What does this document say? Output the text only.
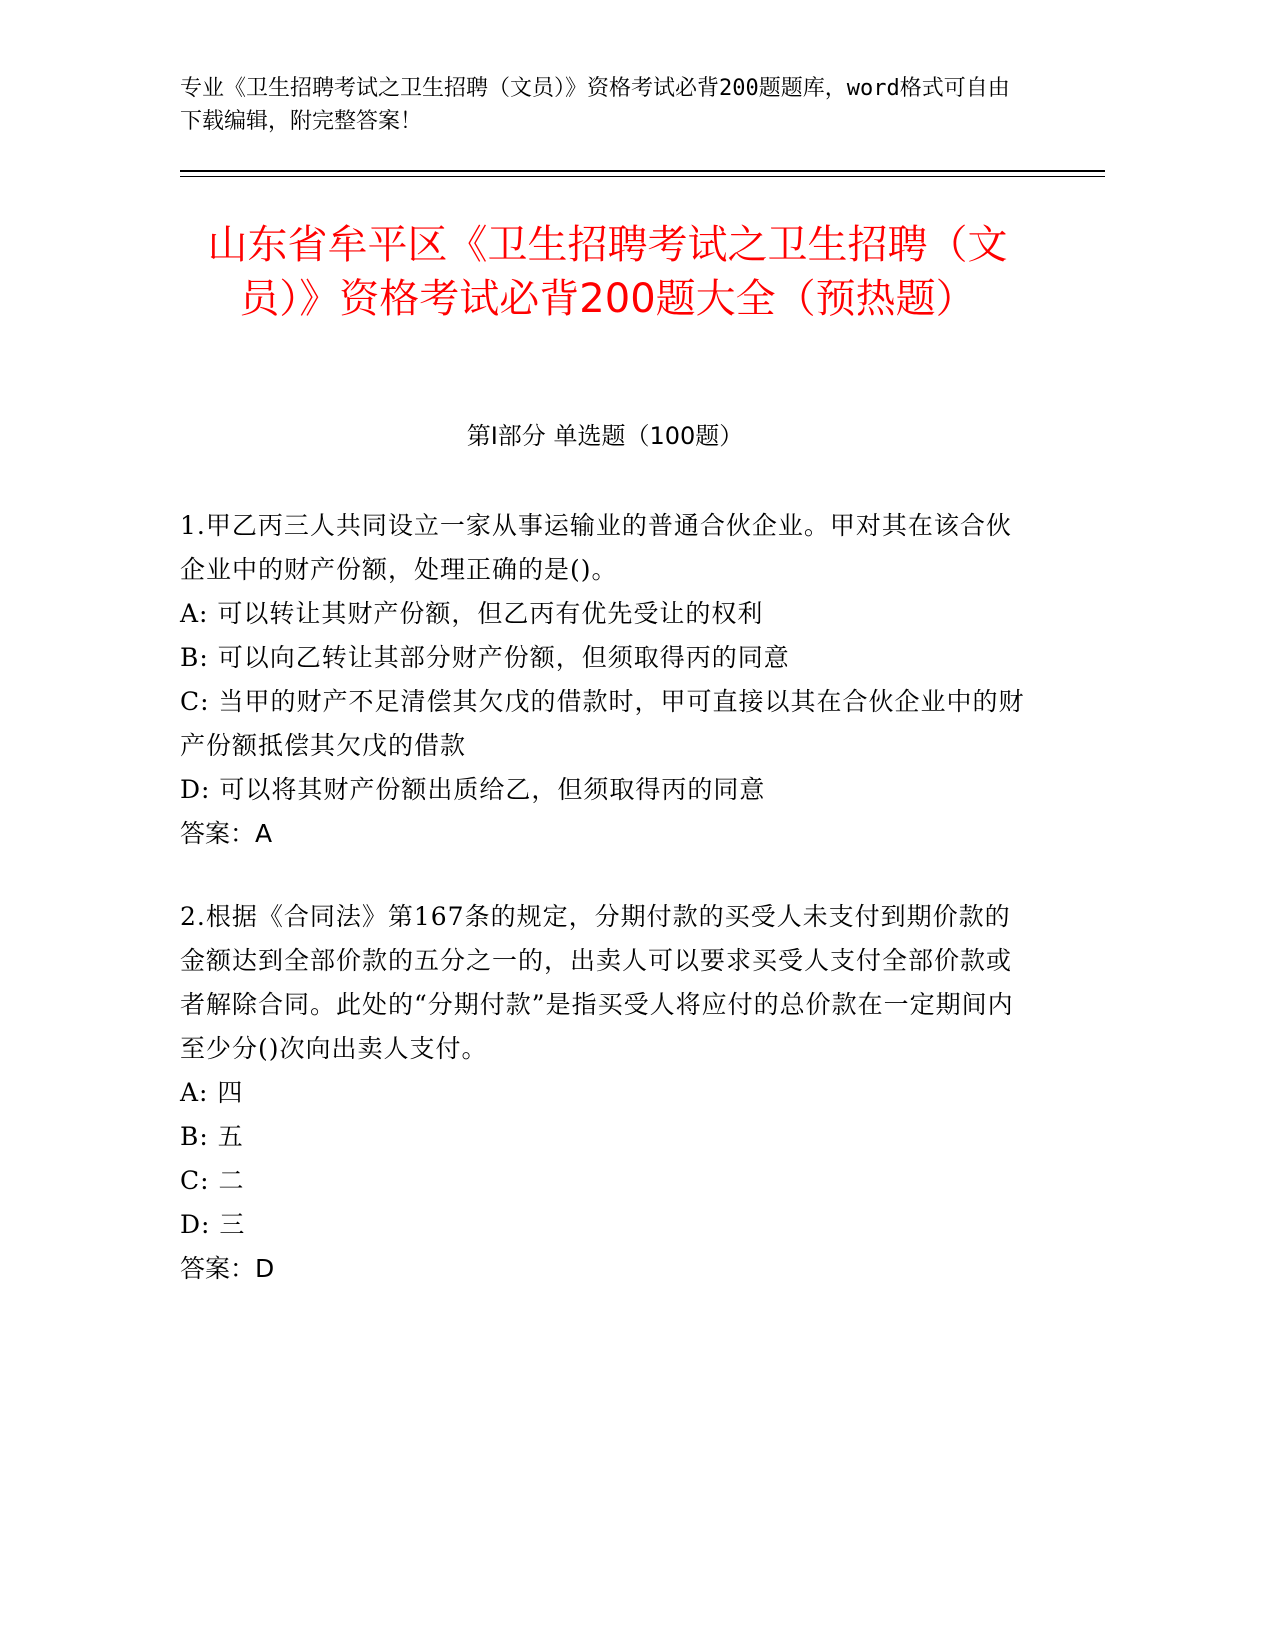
专业《卫生招聘考试之卫生招聘（文员）》资格考试必背200题题库，word格式可自由下载编辑，附完整答案！
山东省牟平区《卫生招聘考试之卫生招聘（文员）》资格考试必背200题大全（预热题）
第I部分 单选题（100题）

1.甲乙丙三人共同设立一家从事运输业的普通合伙企业。甲对其在该合伙企业中的财产份额，处理正确的是()。

A: 可以转让其财产份额，但乙丙有优先受让的权利

B: 可以向乙转让其部分财产份额，但须取得丙的同意

C: 当甲的财产不足清偿其欠戊的借款时，甲可直接以其在合伙企业中的财产份额抵偿其欠戊的借款

D: 可以将其财产份额出质给乙，但须取得丙的同意

答案：A

2.根据《合同法》第167条的规定，分期付款的买受人未支付到期价款的金额达到全部价款的五分之一的，出卖人可以要求买受人支付全部价款或者解除合同。此处的“分期付款”是指买受人将应付的总价款在一定期间内至少分()次向出卖人支付。

A: 四

B: 五

C: 二

D: 三

答案：D
